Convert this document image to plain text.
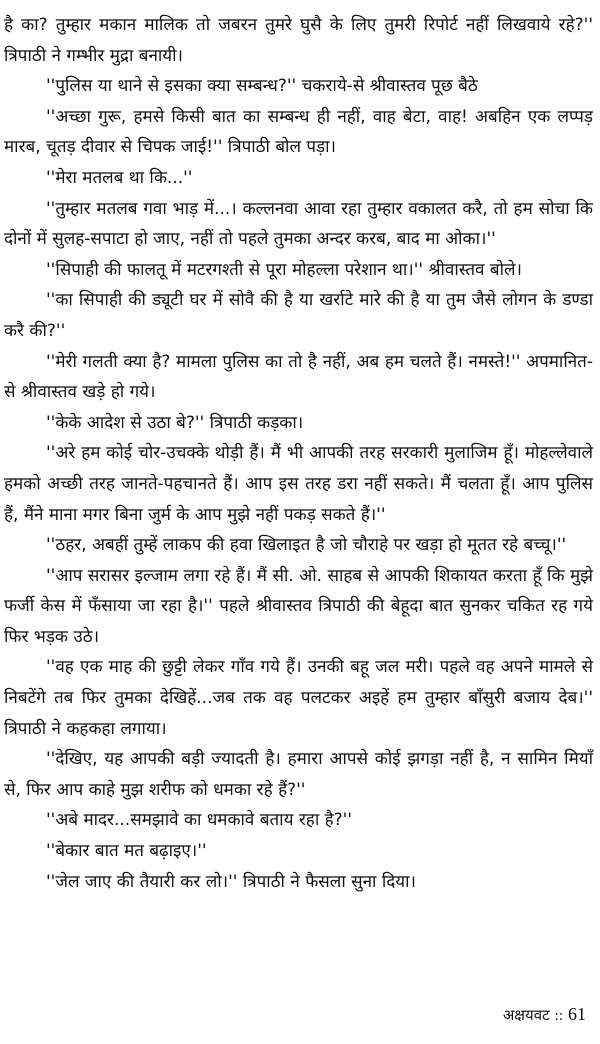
है का? तुम्हार मकान मालिक तो जबरन तुमरे घुसै के लिए तुमरी रिपोर्ट नहीं लिखवाये रहे?'' त्रिपाठी ने गम्भीर मुद्रा बनायी।

''पुलिस या थाने से इसका क्या सम्बन्ध?'' चकराये-से श्रीवास्तव पूछ बैठे

''अच्छा गुरू, हमसे किसी बात का सम्बन्ध ही नहीं, वाह बेटा, वाह! अबहिन एक लप्पड़ मारब, चूतड़ दीवार से चिपक जाई!'' त्रिपाठी बोल पड़ा।

''मेरा मतलब था कि...''

''तुम्हार मतलब गवा भाड़ में...। कल्लनवा आवा रहा तुम्हार वकालत करै, तो हम सोचा कि दोनों में सुलह-सपाटा हो जाए, नहीं तो पहले तुमका अन्दर करब, बाद मा ओका।''

''सिपाही की फालतू में मटरगश्ती से पूरा मोहल्ला परेशान था।'' श्रीवास्तव बोले।

''का सिपाही की ड्यूटी घर में सोवै की है या खर्राटे मारे की है या तुम जैसे लोगन के डण्डा करै की?''

''मेरी गलती क्या है? मामला पुलिस का तो है नहीं, अब हम चलते हैं। नमस्ते!'' अपमानित-से श्रीवास्तव खड़े हो गये।

''केके आदेश से उठा बे?'' त्रिपाठी कड़का।

''अरे हम कोई चोर-उचक्के थोड़ी हैं। मैं भी आपकी तरह सरकारी मुलाजिम हूँ। मोहल्लेवाले हमको अच्छी तरह जानते-पहचानते हैं। आप इस तरह डरा नहीं सकते। मैं चलता हूँ। आप पुलिस हैं, मैंने माना मगर बिना जुर्म के आप मुझे नहीं पकड़ सकते हैं।''

''ठहर, अबहीं तुम्हें लाकप की हवा खिलाइत है जो चौराहे पर खड़ा हो मूतत रहे बच्चू।''

''आप सरासर इल्जाम लगा रहे हैं। मैं सी. ओ. साहब से आपकी शिकायत करता हूँ कि मुझे फर्जी केस में फँसाया जा रहा है।'' पहले श्रीवास्तव त्रिपाठी की बेहूदा बात सुनकर चकित रह गये फिर भड़क उठे।

''वह एक माह की छुट्टी लेकर गाँव गये हैं। उनकी बहू जल मरी। पहले वह अपने मामले से निबटेंगे तब फिर तुमका देखिहें...जब तक वह पलटकर अइहें हम तुम्हार बाँसुरी बजाय देब।'' त्रिपाठी ने कहकहा लगाया।

''देखिए, यह आपकी बड़ी ज्यादती है। हमारा आपसे कोई झगड़ा नहीं है, न सामिन मियाँ से, फिर आप काहे मुझ शरीफ को धमका रहे हैं?''

''अबे मादर...समझावे का धमकावे बताय रहा है?''

''बेकार बात मत बढ़ाइए।''

''जेल जाए की तैयारी कर लो।'' त्रिपाठी ने फैसला सुना दिया।

अक्षयवट :: 61
